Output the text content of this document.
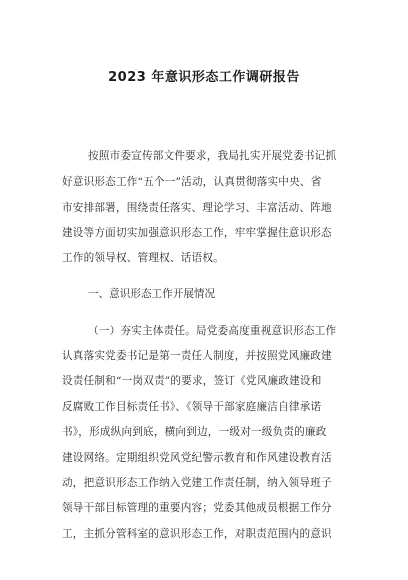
2023 年意识形态工作调研报告
按照市委宣传部文件要求，我局扎实开展党委书记抓
好意识形态工作“五个一”活动，认真贯彻落实中央、省
市安排部署，围绕责任落实、理论学习、丰富活动、阵地
建设等方面切实加强意识形态工作，牢牢掌握住意识形态
工作的领导权、管理权、话语权。
一、意识形态工作开展情况
（一）夯实主体责任。局党委高度重视意识形态工作
认真落实党委书记是第一责任人制度，并按照党风廉政建
设责任制和“一岗双责”的要求，签订《党风廉政建设和
反腐败工作目标责任书》、《领导干部家庭廉洁自律承诺
书》，形成纵向到底，横向到边，一级对一级负责的廉政
建设网络。定期组织党风党纪警示教育和作风建设教育活
动，把意识形态工作纳入党建工作责任制，纳入领导班子
领导干部目标管理的重要内容；党委其他成员根据工作分
工，主抓分管科室的意识形态工作，对职责范围内的意识
